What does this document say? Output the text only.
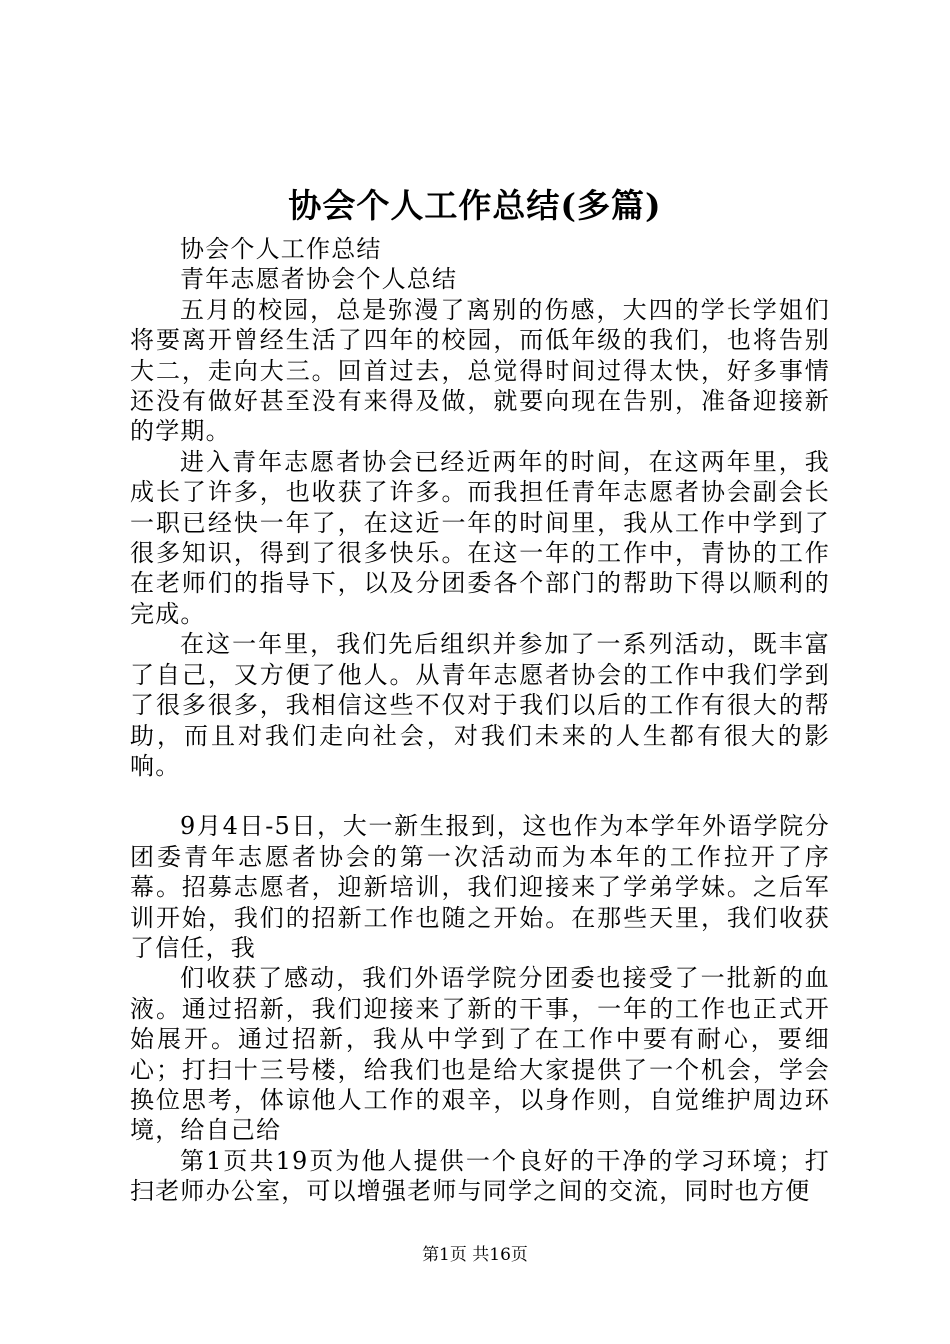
协会个人工作总结(多篇)

协会个人工作总结

青年志愿者协会个人总结

五月的校园，总是弥漫了离别的伤感，大四的学长学姐们将要离开曾经生活了四年的校园，而低年级的我们，也将告别大二，走向大三。回首过去，总觉得时间过得太快，好多事情还没有做好甚至没有来得及做，就要向现在告别，准备迎接新的学期。

进入青年志愿者协会已经近两年的时间，在这两年里，我成长了许多，也收获了许多。而我担任青年志愿者协会副会长一职已经快一年了，在这近一年的时间里，我从工作中学到了很多知识，得到了很多快乐。在这一年的工作中，青协的工作在老师们的指导下，以及分团委各个部门的帮助下得以顺利的完成。

在这一年里，我们先后组织并参加了一系列活动，既丰富了自己，又方便了他人。从青年志愿者协会的工作中我们学到了很多很多，我相信这些不仅对于我们以后的工作有很大的帮助，而且对我们走向社会，对我们未来的人生都有很大的影响。

9月4日-5日，大一新生报到，这也作为本学年外语学院分团委青年志愿者协会的第一次活动而为本年的工作拉开了序幕。招募志愿者，迎新培训，我们迎接来了学弟学妹。之后军训开始，我们的招新工作也随之开始。在那些天里，我们收获了信任，我

们收获了感动，我们外语学院分团委也接受了一批新的血液。通过招新，我们迎接来了新的干事，一年的工作也正式开始展开。通过招新，我从中学到了在工作中要有耐心，要细心；打扫十三号楼，给我们也是给大家提供了一个机会，学会换位思考，体谅他人工作的艰辛，以身作则，自觉维护周边环境，给自己给

第1页共19页为他人提供一个良好的干净的学习环境；打扫老师办公室，可以增强老师与同学之间的交流，同时也方便

第1页 共16页
